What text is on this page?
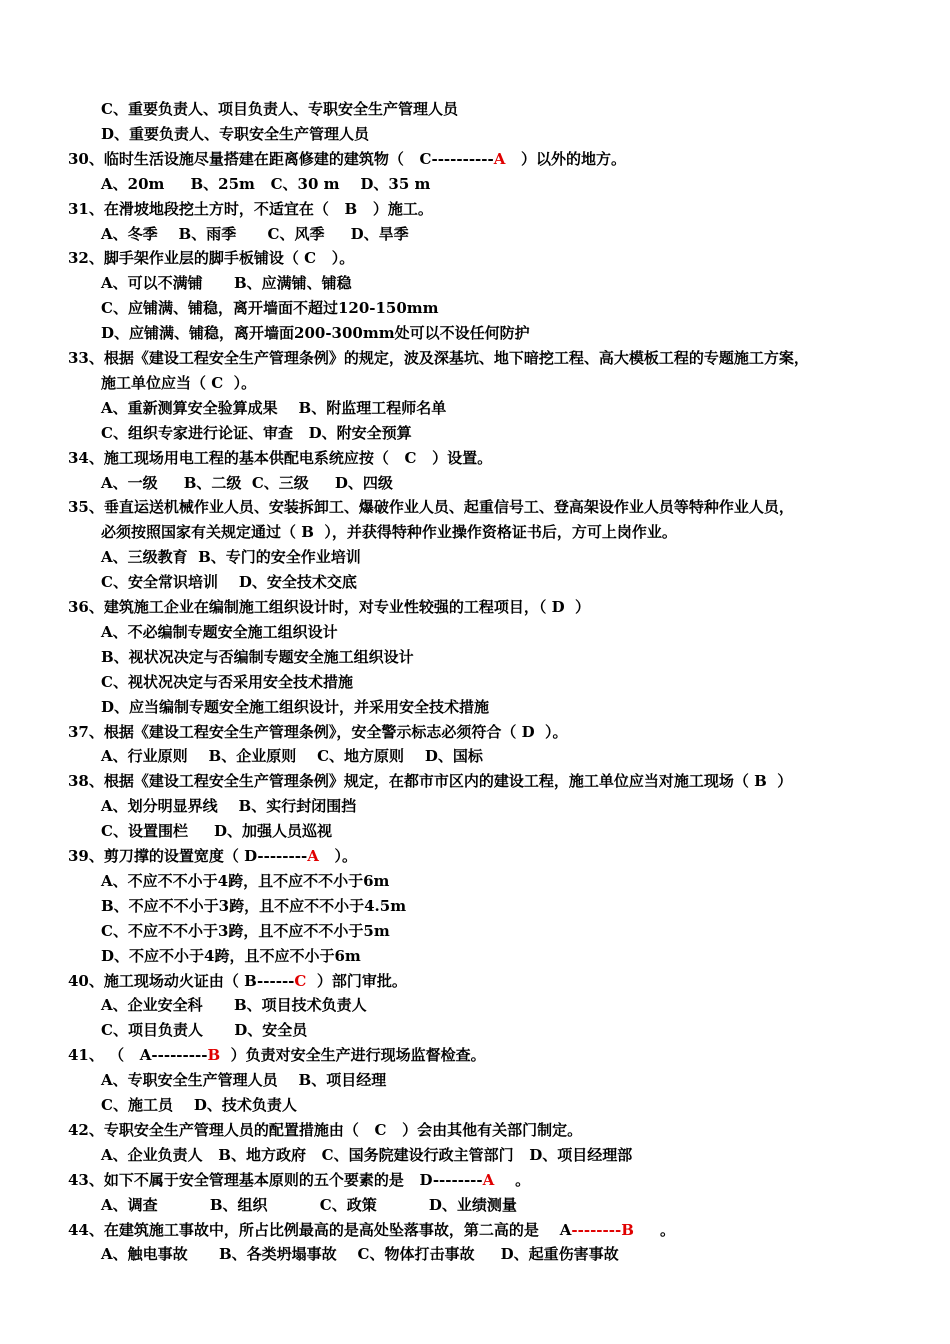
C、重要负责人、项目负责人、专职安全生产管理人员
D、重要负责人、专职安全生产管理人员
30、临时生活设施尽量搭建在距离修建的建筑物（   C----------A   ）以外的地方。
A、20m     B、25m   C、30 m    D、35 m
31、在滑坡地段挖土方时，不适宜在（   B   ）施工。
A、冬季    B、雨季      C、风季     D、旱季
32、脚手架作业层的脚手板铺设（ C   ）。
A、可以不满铺      B、应满铺、铺稳
C、应铺满、铺稳，离开墙面不超过120-150mm
D、应铺满、铺稳，离开墙面200-300mm处可以不设任何防护
33、根据《建设工程安全生产管理条例》的规定，波及深基坑、地下暗挖工程、高大模板工程的专题施工方案，
施工单位应当（ C  ）。
A、重新测算安全验算成果    B、附监理工程师名单
C、组织专家进行论证、审查   D、附安全预算
34、施工现场用电工程的基本供配电系统应按（   C   ）设置。
A、一级     B、二级  C、三级     D、四级
35、垂直运送机械作业人员、安装拆卸工、爆破作业人员、起重信号工、登高架设作业人员等特种作业人员，
必须按照国家有关规定通过（ B  ），并获得特种作业操作资格证书后，方可上岗作业。
A、三级教育  B、专门的安全作业培训
C、安全常识培训    D、安全技术交底
36、建筑施工企业在编制施工组织设计时，对专业性较强的工程项目，（ D  ）
A、不必编制专题安全施工组织设计
B、视状况决定与否编制专题安全施工组织设计
C、视状况决定与否采用安全技术措施
D、应当编制专题安全施工组织设计，并采用安全技术措施
37、根据《建设工程安全生产管理条例》，安全警示标志必须符合（ D  ）。
A、行业原则    B、企业原则    C、地方原则    D、国标
38、根据《建设工程安全生产管理条例》规定，在都市市区内的建设工程，施工单位应当对施工现场（ B  ）
A、划分明显界线    B、实行封闭围挡
C、设置围栏     D、加强人员巡视
39、剪刀撑的设置宽度（ D--------A   ）。
A、不应不不小于4跨，且不应不不小于6m
B、不应不不小于3跨，且不应不不小于4.5m
C、不应不不小于3跨，且不应不不小于5m
D、不应不小于4跨，且不应不小于6m
40、施工现场动火证由（ B------C  ）部门审批。
A、企业安全科      B、项目技术负责人
C、项目负责人      D、安全员
41、 （   A---------B  ）负责对安全生产进行现场监督检查。
A、专职安全生产管理人员    B、项目经理
C、施工员    D、技术负责人
42、专职安全生产管理人员的配置措施由（   C   ）会由其他有关部门制定。
A、企业负责人   B、地方政府   C、国务院建设行政主管部门   D、项目经理部
43、如下不属于安全管理基本原则的五个要素的是   D--------A    。
A、调查          B、组织          C、政策          D、业绩测量
44、在建筑施工事故中，所占比例最高的是高处坠落事故，第二高的是    A--------B     。
A、触电事故      B、各类坍塌事故    C、物体打击事故     D、起重伤害事故
